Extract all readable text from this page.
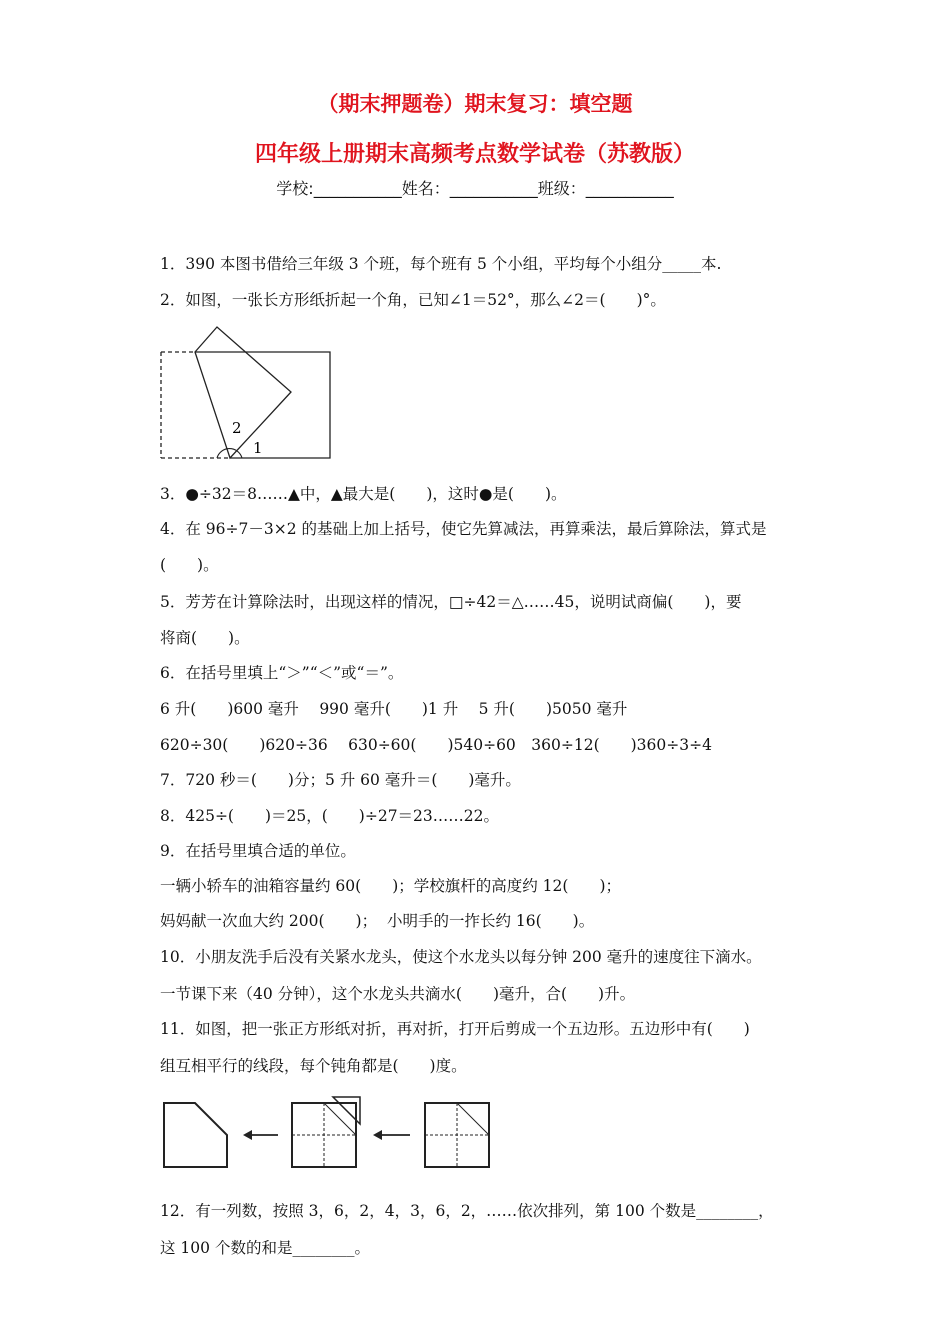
（期末押题卷）期末复习：填空题
四年级上册期末高频考点数学试卷（苏教版）
学校:___________姓名：___________班级：___________
1．390 本图书借给三年级 3 个班，每个班有 5 个小组，平均每个小组分_____本.
2．如图，一张长方形纸折起一个角，已知∠1＝52°，那么∠2＝(　　)°。
2
1
3．●÷32＝8……▲中，▲最大是(　　)，这时●是(　　)。
4．在 96÷7－3×2 的基础上加上括号，使它先算减法，再算乘法，最后算除法，算式是
(　　)。
5．芳芳在计算除法时，出现这样的情况，□÷42＝△……45，说明试商偏(　　)，要
将商(　　)。
6．在括号里填上“＞”“＜”或“＝”。
6 升(　　)600 毫升　 990 毫升(　　)1 升　 5 升(　　)5050 毫升
620÷30(　　)620÷36　 630÷60(　　)540÷60　360÷12(　　)360÷3÷4
7．720 秒＝(　　)分；5 升 60 毫升＝(　　)毫升。
8．425÷(　　)＝25，(　　)÷27＝23……22。
9．在括号里填合适的单位。
一辆小轿车的油箱容量约 60(　　)；学校旗杆的高度约 12(　　)；
妈妈献一次血大约 200(　　)；  小明手的一拃长约 16(　　)。
10．小朋友洗手后没有关紧水龙头，使这个水龙头以每分钟 200 毫升的速度往下滴水。
一节课下来（40 分钟），这个水龙头共滴水(　　)毫升，合(　　)升。
11．如图，把一张正方形纸对折，再对折，打开后剪成一个五边形。五边形中有(　　)
组互相平行的线段，每个钝角都是(　　)度。
12．有一列数，按照 3，6，2，4，3，6，2，……依次排列，第 100 个数是________，
这 100 个数的和是________。
